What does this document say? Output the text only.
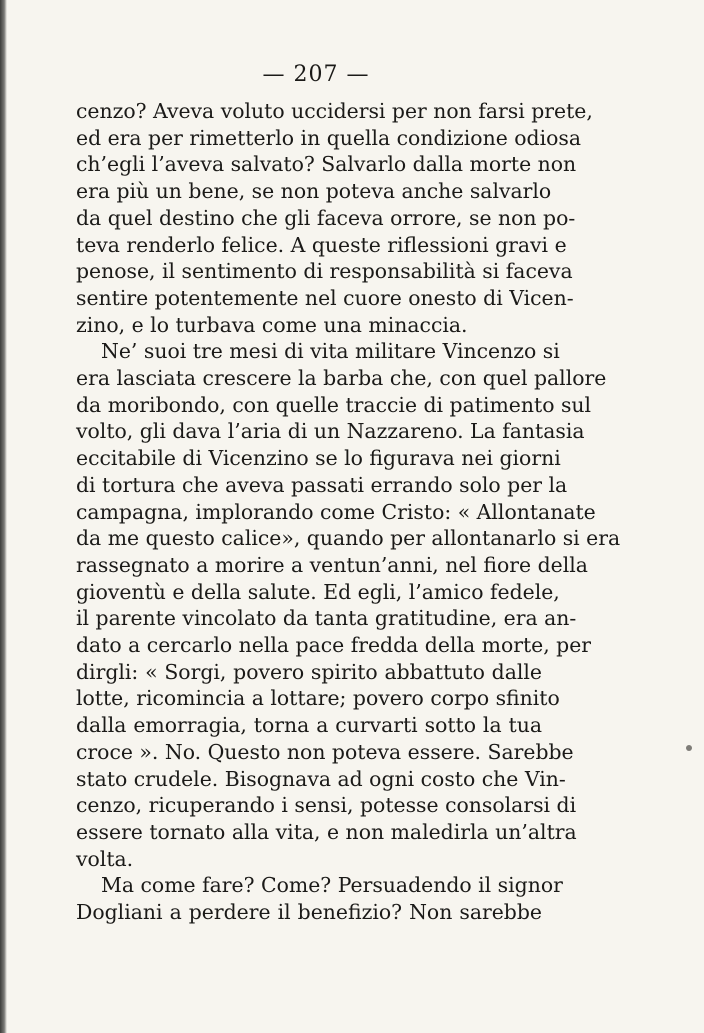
— 207 —
cenzo? Aveva voluto uccidersi per non farsi prete,
ed era per rimetterlo in quella condizione odiosa
ch’egli l’aveva salvato? Salvarlo dalla morte non
era più un bene, se non poteva anche salvarlo
da quel destino che gli faceva orrore, se non po-
teva renderlo felice. A queste riflessioni gravi e
penose, il sentimento di responsabilità si faceva
sentire potentemente nel cuore onesto di Vicen-
zino, e lo turbava come una minaccia.
Ne’ suoi tre mesi di vita militare Vincenzo si
era lasciata crescere la barba che, con quel pallore
da moribondo, con quelle traccie di patimento sul
volto, gli dava l’aria di un Nazzareno. La fantasia
eccitabile di Vicenzino se lo figurava nei giorni
di tortura che aveva passati errando solo per la
campagna, implorando come Cristo: « Allontanate
da me questo calice», quando per allontanarlo si era
rassegnato a morire a ventun’anni, nel fiore della
gioventù e della salute. Ed egli, l’amico fedele,
il parente vincolato da tanta gratitudine, era an-
dato a cercarlo nella pace fredda della morte, per
dirgli: « Sorgi, povero spirito abbattuto dalle
lotte, ricomincia a lottare; povero corpo sfinito
dalla emorragia, torna a curvarti sotto la tua
croce ». No. Questo non poteva essere. Sarebbe
stato crudele. Bisognava ad ogni costo che Vin-
cenzo, ricuperando i sensi, potesse consolarsi di
essere tornato alla vita, e non maledirla un’altra
volta.
Ma come fare? Come? Persuadendo il signor
Dogliani a perdere il benefizio? Non sarebbe
